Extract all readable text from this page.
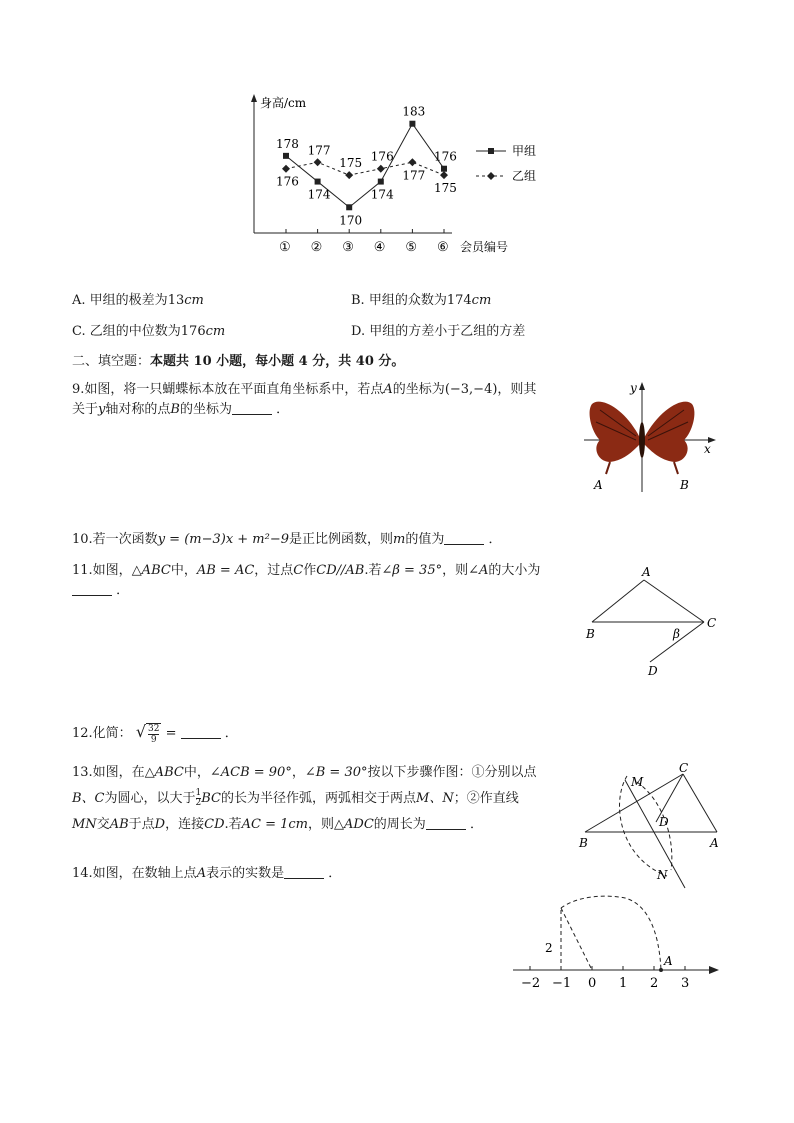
身高/cm
会员编号
① ② ③ ④ ⑤ ⑥
178
174
170
174
183
176
176
177
175 176
177
175
甲组
乙组
A. 甲组的极差为13cm	B. 甲组的众数为174cm
C. 乙组的中位数为176cm	D. 甲组的方差小于乙组的方差
二、填空题：本题共 10 小题，每小题 4 分，共 40 分。
9.如图，将一只蝴蝶标本放在平面直角坐标系中，若点A的坐标为(−3,−4)，则其
关于y轴对称的点B的坐标为	．
y
x
A	B
10.若一次函数y = (m−3)x + m²−9是正比例函数，则m的值为	．
11.如图，△ABC中，AB = AC，过点C作CD//AB.若∠β = 35°，则∠A的大小为
．
A
B
C
D
β
12.化简： √ $\frac{32}{9}$ =	．
13.如图，在△ABC中，∠ACB = 90°，∠B = 30°按以下步骤作图：①分别以点
B、C为圆心，以大于 $\frac{1}{2}$ BC的长为半径作弧，两弧相交于两点M、N；②作直线
MN交AB于点D，连接CD.若AC = 1cm，则△ADC的周长为	．
M
C
D
B	A
N
14.如图，在数轴上点A表示的实数是	．
−2 −1 0 1 2 3
2
A
